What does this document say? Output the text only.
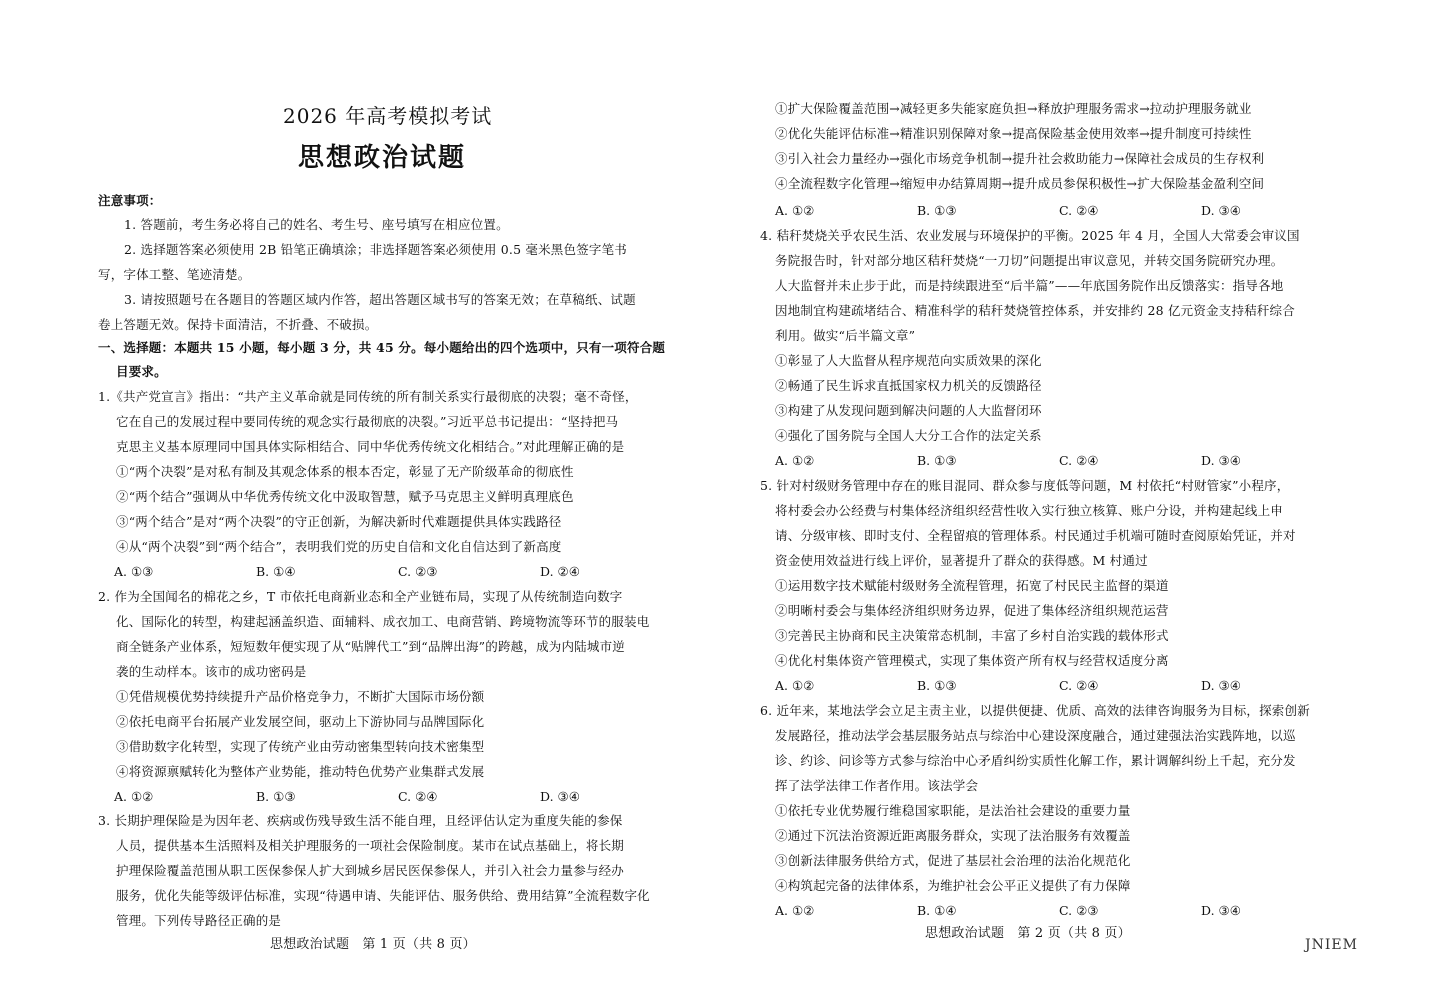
2026 年高考模拟考试
思想政治试题
注意事项：
1. 答题前，考生务必将自己的姓名、考生号、座号填写在相应位置。
2. 选择题答案必须使用 2B 铅笔正确填涂；非选择题答案必须使用 0.5 毫米黑色签字笔书
写，字体工整、笔迹清楚。
3. 请按照题号在各题目的答题区域内作答，超出答题区域书写的答案无效；在草稿纸、试题
卷上答题无效。保持卡面清洁，不折叠、不破损。
一、选择题：本题共 15 小题，每小题 3 分，共 45 分。每小题给出的四个选项中，只有一项符合题
目要求。
1.《共产党宣言》指出：“共产主义革命就是同传统的所有制关系实行最彻底的决裂；毫不奇怪，
它在自己的发展过程中要同传统的观念实行最彻底的决裂。”习近平总书记提出：“坚持把马
克思主义基本原理同中国具体实际相结合、同中华优秀传统文化相结合。”对此理解正确的是
①“两个决裂”是对私有制及其观念体系的根本否定，彰显了无产阶级革命的彻底性
②“两个结合”强调从中华优秀传统文化中汲取智慧，赋予马克思主义鲜明真理底色
③“两个结合”是对“两个决裂”的守正创新，为解决新时代难题提供具体实践路径
④从“两个决裂”到“两个结合”，表明我们党的历史自信和文化自信达到了新高度
A. ①③	B. ①④	C. ②③	D. ②④
2. 作为全国闻名的棉花之乡，T 市依托电商新业态和全产业链布局，实现了从传统制造向数字
化、国际化的转型，构建起涵盖织造、面辅料、成衣加工、电商营销、跨境物流等环节的服装电
商全链条产业体系，短短数年便实现了从“贴牌代工”到“品牌出海”的跨越，成为内陆城市逆
袭的生动样本。该市的成功密码是
①凭借规模优势持续提升产品价格竞争力，不断扩大国际市场份额
②依托电商平台拓展产业发展空间，驱动上下游协同与品牌国际化
③借助数字化转型，实现了传统产业由劳动密集型转向技术密集型
④将资源禀赋转化为整体产业势能，推动特色优势产业集群式发展
A. ①②	B. ①③	C. ②④	D. ③④
3. 长期护理保险是为因年老、疾病或伤残导致生活不能自理，且经评估认定为重度失能的参保
人员，提供基本生活照料及相关护理服务的一项社会保险制度。某市在试点基础上，将长期
护理保险覆盖范围从职工医保参保人扩大到城乡居民医保参保人，并引入社会力量参与经办
服务，优化失能等级评估标准，实现“待遇申请、失能评估、服务供给、费用结算”全流程数字化
管理。下列传导路径正确的是
思想政治试题　第 1 页（共 8 页）
①扩大保险覆盖范围→减轻更多失能家庭负担→释放护理服务需求→拉动护理服务就业
②优化失能评估标准→精准识别保障对象→提高保险基金使用效率→提升制度可持续性
③引入社会力量经办→强化市场竞争机制→提升社会救助能力→保障社会成员的生存权利
④全流程数字化管理→缩短申办结算周期→提升成员参保积极性→扩大保险基金盈利空间
A. ①②	B. ①③	C. ②④	D. ③④
4. 秸秆焚烧关乎农民生活、农业发展与环境保护的平衡。2025 年 4 月，全国人大常委会审议国
务院报告时，针对部分地区秸秆焚烧“一刀切”问题提出审议意见，并转交国务院研究办理。
人大监督并未止步于此，而是持续跟进至“后半篇”——年底国务院作出反馈落实：指导各地
因地制宜构建疏堵结合、精准科学的秸秆焚烧管控体系，并安排约 28 亿元资金支持秸秆综合
利用。做实“后半篇文章”
①彰显了人大监督从程序规范向实质效果的深化
②畅通了民生诉求直抵国家权力机关的反馈路径
③构建了从发现问题到解决问题的人大监督闭环
④强化了国务院与全国人大分工合作的法定关系
A. ①②	B. ①③	C. ②④	D. ③④
5. 针对村级财务管理中存在的账目混同、群众参与度低等问题，M 村依托“村财管家”小程序，
将村委会办公经费与村集体经济组织经营性收入实行独立核算、账户分设，并构建起线上申
请、分级审核、即时支付、全程留痕的管理体系。村民通过手机端可随时查阅原始凭证，并对
资金使用效益进行线上评价，显著提升了群众的获得感。M 村通过
①运用数字技术赋能村级财务全流程管理，拓宽了村民民主监督的渠道
②明晰村委会与集体经济组织财务边界，促进了集体经济组织规范运营
③完善民主协商和民主决策常态机制，丰富了乡村自治实践的载体形式
④优化村集体资产管理模式，实现了集体资产所有权与经营权适度分离
A. ①②	B. ①③	C. ②④	D. ③④
6. 近年来，某地法学会立足主责主业，以提供便捷、优质、高效的法律咨询服务为目标，探索创新
发展路径，推动法学会基层服务站点与综治中心建设深度融合，通过建强法治实践阵地，以巡
诊、约诊、问诊等方式参与综治中心矛盾纠纷实质性化解工作，累计调解纠纷上千起，充分发
挥了法学法律工作者作用。该法学会
①依托专业优势履行维稳国家职能，是法治社会建设的重要力量
②通过下沉法治资源近距离服务群众，实现了法治服务有效覆盖
③创新法律服务供给方式，促进了基层社会治理的法治化规范化
④构筑起完备的法律体系，为维护社会公平正义提供了有力保障
A. ①②	B. ①④	C. ②③	D. ③④
思想政治试题　第 2 页（共 8 页）
JNIEM
